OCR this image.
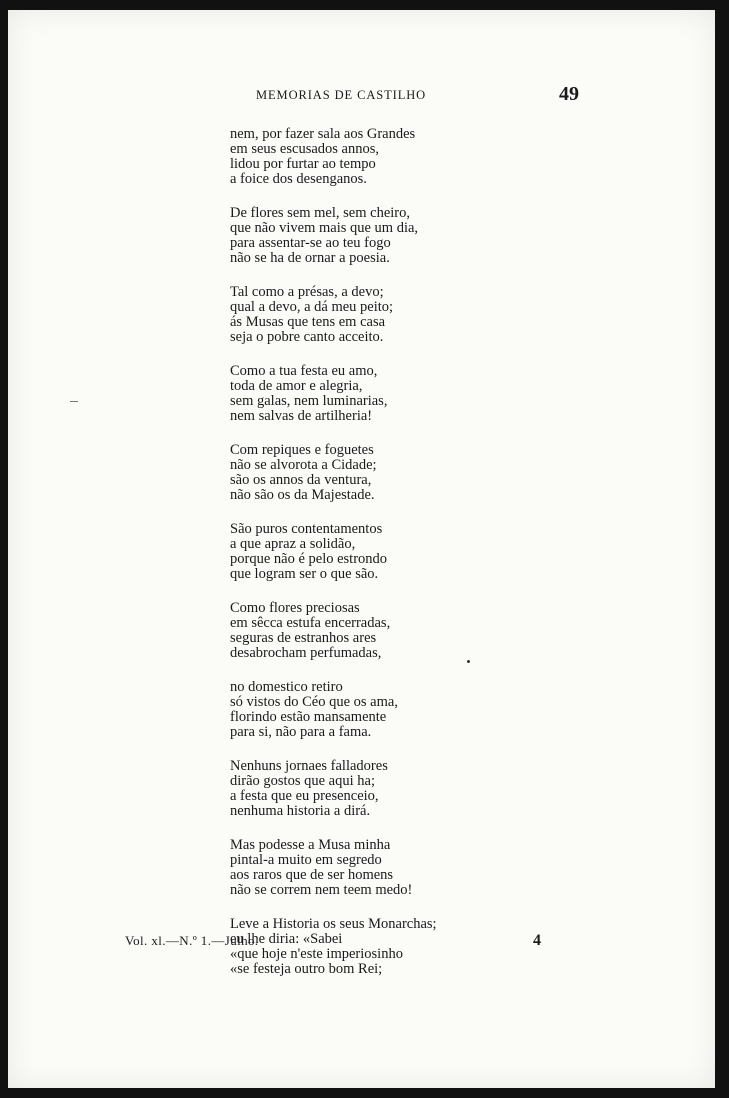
MEMORIAS DE CASTILHO	49
nem, por fazer sala aos Grandes
em seus escusados annos,
lidou por furtar ao tempo
a foice dos desenganos.
De flores sem mel, sem cheiro,
que não vivem mais que um dia,
para assentar-se ao teu fogo
não se ha de ornar a poesia.
Tal como a présas, a devo;
qual a devo, a dá meu peito;
ás Musas que tens em casa
seja o pobre canto acceito.
Como a tua festa eu amo,
toda de amor e alegria,
sem galas, nem luminarias,
nem salvas de artilheria!
Com repiques e foguetes
não se alvorota a Cidade;
são os annos da ventura,
não são os da Majestade.
São puros contentamentos
a que apraz a solidão,
porque não é pelo estrondo
que logram ser o que são.
Como flores preciosas
em sêcca estufa encerradas,
seguras de estranhos ares
desabrocham perfumadas,
no domestico retiro
só vistos do Céo que os ama,
florindo estão mansamente
para si, não para a fama.
Nenhuns jornaes falladores
dirão gostos que aqui ha;
a festa que eu presenceio,
nenhuma historia a dirá.
Mas podesse a Musa minha
pintal-a muito em segredo
aos raros que de ser homens
não se correm nem teem medo!
Leve a Historia os seus Monarchas;
eu lhe diria: «Sabei
«que hoje n'este imperiosinho
«se festeja outro bom Rei;
Vol. xl.—N.º 1.—Julho.	4
